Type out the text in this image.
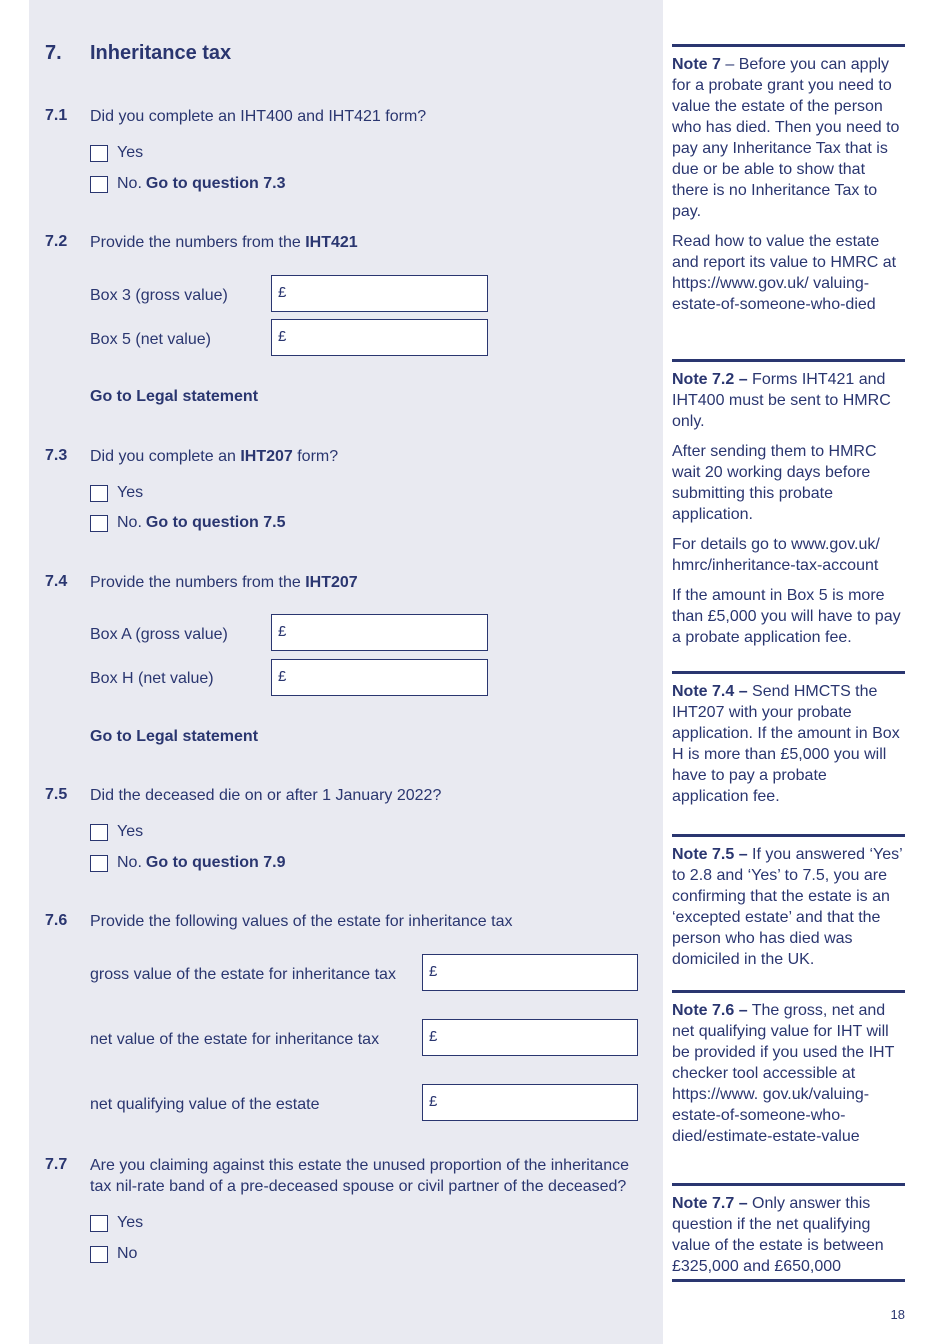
7. Inheritance tax
7.1 Did you complete an IHT400 and IHT421 form?
Yes
No. Go to question 7.3
7.2 Provide the numbers from the IHT421
Box 3 (gross value)	£
Box 5 (net value)	£
Go to Legal statement
7.3 Did you complete an IHT207 form?
Yes
No. Go to question 7.5
7.4 Provide the numbers from the IHT207
Box A (gross value)	£
Box H (net value)	£
Go to Legal statement
7.5 Did the deceased die on or after 1 January 2022?
Yes
No. Go to question 7.9
7.6 Provide the following values of the estate for inheritance tax
gross value of the estate for inheritance tax	£
net value of the estate for inheritance tax	£
net qualifying value of the estate	£
7.7 Are you claiming against this estate the unused proportion of the inheritance
tax nil-rate band of a pre-deceased spouse or civil partner of the deceased?
Yes
No

Note 7 – Before you can apply for a probate grant you need to value the estate of the person who has died. Then you need to pay any Inheritance Tax that is due or be able to show that there is no Inheritance Tax to pay.

Read how to value the estate and report its value to HMRC at https://www.gov.uk/ valuing-estate-of-someone-who-died

Note 7.2 – Forms IHT421 and IHT400 must be sent to HMRC only.

After sending them to HMRC wait 20 working days before submitting this probate application.

For details go to www.gov.uk/ hmrc/inheritance-tax-account

If the amount in Box 5 is more than £5,000 you will have to pay a probate application fee.

Note 7.4 – Send HMCTS the IHT207 with your probate application. If the amount in Box H is more than £5,000 you will have to pay a probate application fee.

Note 7.5 – If you answered ‘Yes’ to 2.8 and ‘Yes’ to 7.5, you are confirming that the estate is an ‘excepted estate’ and that the person who has died was domiciled in the UK.

Note 7.6 – The gross, net and net qualifying value for IHT will be provided if you used the IHT checker tool accessible at https://www. gov.uk/valuing-estate-of-someone-who-died/estimate-estate-value

Note 7.7 – Only answer this question if the net qualifying value of the estate is between £325,000 and £650,000

18
